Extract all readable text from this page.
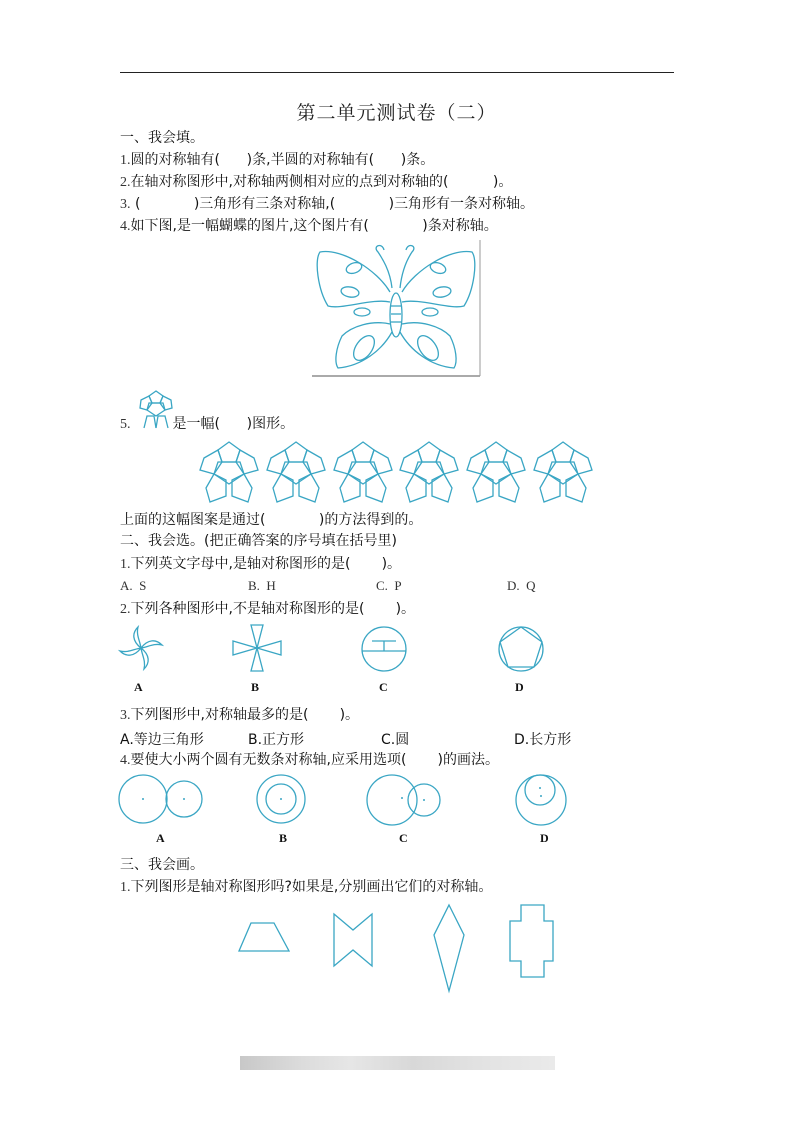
第二单元测试卷（二）
一、我会填。
1.圆的对称轴有(      )条,半圆的对称轴有(      )条。
2.在轴对称图形中,对称轴两侧相对应的点到对称轴的(          )。
3. (            )三角形有三条对称轴,(            )三角形有一条对称轴。
4.如下图,是一幅蝴蝶的图片,这个图片有(            )条对称轴。
5.	是一幅(      )图形。
上面的这幅图案是通过(            )的方法得到的。
二、我会选。(把正确答案的序号填在括号里)
1.下列英文字母中,是轴对称图形的是(       )。
A.  S	B.  H	C.  P	D.  Q
2.下列各种图形中,不是轴对称图形的是(       )。
A	B	C	D
3.下列图形中,对称轴最多的是(       )。
A.等边三角形	B.正方形	C.圆	D.长方形
4.要使大小两个圆有无数条对称轴,应采用选项(       )的画法。
A	B	C	D
三、我会画。
1.下列图形是轴对称图形吗?如果是,分别画出它们的对称轴。
